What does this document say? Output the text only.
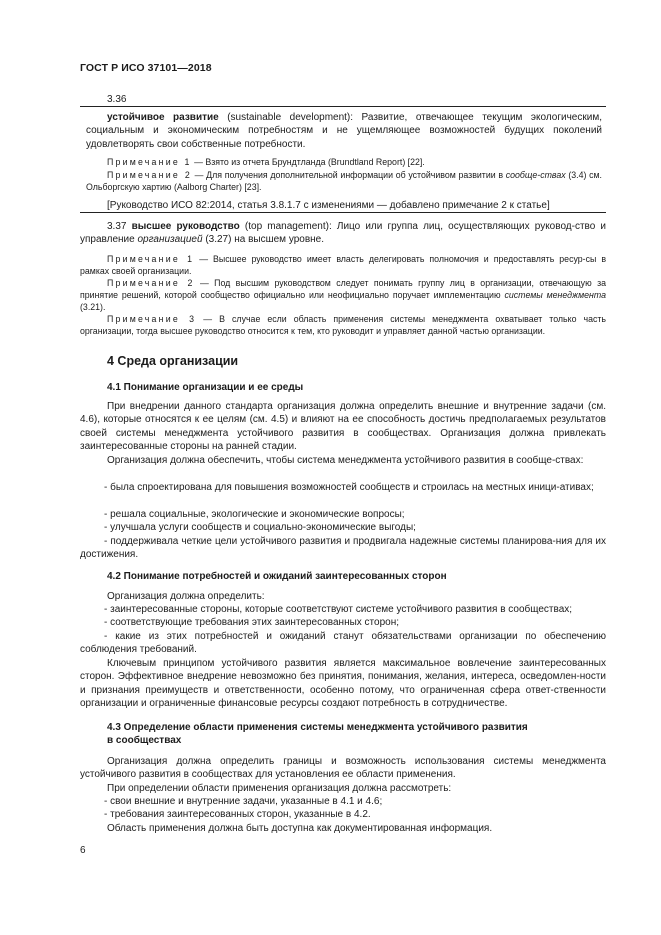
ГОСТ Р ИСО 37101—2018
3.36
устойчивое развитие (sustainable development): Развитие, отвечающее текущим экологическим, социальным и экономическим потребностям и не ущемляющее возможностей будущих поколений удовлетворять свои собственные потребности.
Примечание 1 — Взято из отчета Брундтланда (Brundtland Report) [22].
Примечание 2 — Для получения дополнительной информации об устойчивом развитии в сообще-ствах (3.4) см. Ольборгскую хартию (Aalborg Charter) [23].
[Руководство ИСО 82:2014, статья 3.8.1.7 с изменениями — добавлено примечание 2 к статье]
3.37 высшее руководство (top management): Лицо или группа лиц, осуществляющих руковод-ство и управление организацией (3.27) на высшем уровне.
Примечание 1 — Высшее руководство имеет власть делегировать полномочия и предоставлять ресур-сы в рамках своей организации.
Примечание 2 — Под высшим руководством следует понимать группу лиц в организации, отвечающую за принятие решений, которой сообщество официально или неофициально поручает имплементацию системы менеджмента (3.21).
Примечание 3 — В случае если область применения системы менеджмента охватывает только часть организации, тогда высшее руководство относится к тем, кто руководит и управляет данной частью организации.
4 Среда организации
4.1 Понимание организации и ее среды
При внедрении данного стандарта организация должна определить внешние и внутренние задачи (см. 4.6), которые относятся к ее целям (см. 4.5) и влияют на ее способность достичь предполагаемых результатов своей системы менеджмента устойчивого развития в сообществах. Организация должна привлекать заинтересованные стороны на ранней стадии.
Организация должна обеспечить, чтобы система менеджмента устойчивого развития в сообще-ствах:
- была спроектирована для повышения возможностей сообществ и строилась на местных иници-ативах;
- решала социальные, экологические и экономические вопросы;
- улучшала услуги сообществ и социально-экономические выгоды;
- поддерживала четкие цели устойчивого развития и продвигала надежные системы планирова-ния для их достижения.
4.2 Понимание потребностей и ожиданий заинтересованных сторон
Организация должна определить:
- заинтересованные стороны, которые соответствуют системе устойчивого развития в сообществах;
- соответствующие требования этих заинтересованных сторон;
- какие из этих потребностей и ожиданий станут обязательствами организации по обеспечению соблюдения требований.
Ключевым принципом устойчивого развития является максимальное вовлечение заинтересованных сторон. Эффективное внедрение невозможно без принятия, понимания, желания, интереса, осведомлен-ности и признания преимуществ и ответственности, особенно потому, что ограниченная сфера ответ-ственности организации и ограниченные финансовые ресурсы создают потребность в сотрудничестве.
4.3 Определение области применения системы менеджмента устойчивого развития
в сообществах
Организация должна определить границы и возможность использования системы менеджмента устойчивого развития в сообществах для установления ее области применения.
При определении области применения организация должна рассмотреть:
- свои внешние и внутренние задачи, указанные в 4.1 и 4.6;
- требования заинтересованных сторон, указанные в 4.2.
Область применения должна быть доступна как документированная информация.
6
